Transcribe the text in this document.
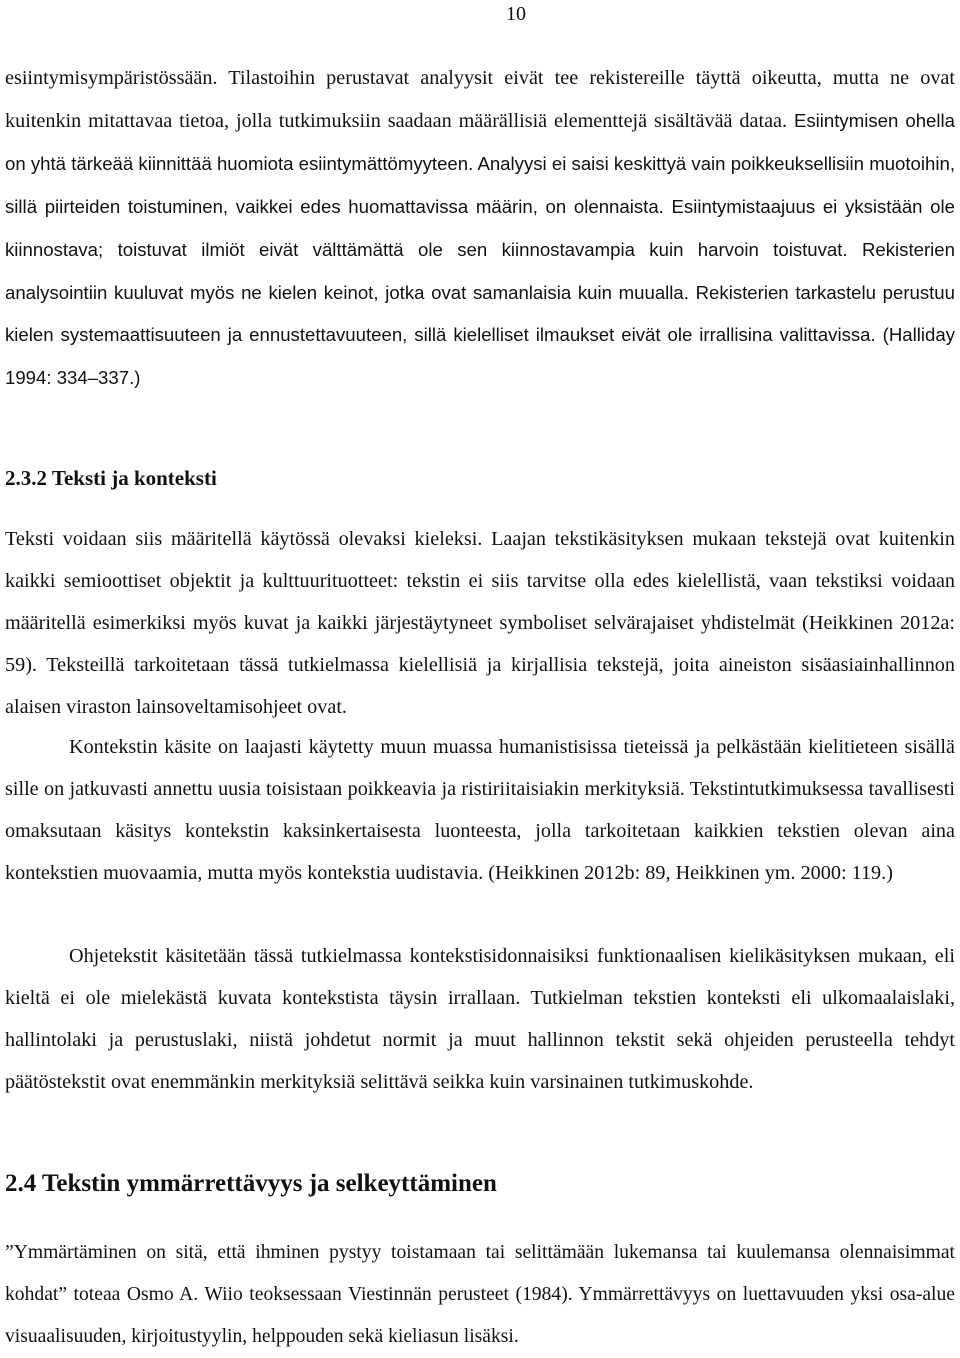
10

esiintymisympäristössään. Tilastoihin perustavat analyysit eivät tee rekistereille täyttä oikeutta, mutta ne ovat kuitenkin mitattavaa tietoa, jolla tutkimuksiin saadaan määrällisiä elementtejä sisältävää dataa. Esiintymisen ohella on yhtä tärkeää kiinnittää huomiota esiintymättömyyteen. Analyysi ei saisi keskittyä vain poikkeuksellisiin muotoihin, sillä piirteiden toistuminen, vaikkei edes huomattavissa määrin, on olennaista. Esiintymistaajuus ei yksistään ole kiinnostava; toistuvat ilmiöt eivät välttämättä ole sen kiinnostavampia kuin harvoin toistuvat. Rekisterien analysointiin kuuluvat myös ne kielen keinot, jotka ovat samanlaisia kuin muualla. Rekisterien tarkastelu perustuu kielen systemaattisuuteen ja ennustettavuuteen, sillä kielelliset ilmaukset eivät ole irrallisina valittavissa. (Halliday 1994: 334–337.)

2.3.2 Teksti ja konteksti

Teksti voidaan siis määritellä käytössä olevaksi kieleksi. Laajan tekstikäsityksen mukaan tekstejä ovat kuitenkin kaikki semioottiset objektit ja kulttuurituotteet: tekstin ei siis tarvitse olla edes kielellistä, vaan tekstiksi voidaan määritellä esimerkiksi myös kuvat ja kaikki järjestäytyneet symboliset selvärajaiset yhdistelmät (Heikkinen 2012a: 59). Teksteillä tarkoitetaan tässä tutkielmassa kielellisiä ja kirjallisia tekstejä, joita aineiston sisäasiainhallinnon alaisen viraston lainsoveltamisohjeet ovat.

Kontekstin käsite on laajasti käytetty muun muassa humanistisissa tieteissä ja pelkästään kielitieteen sisällä sille on jatkuvasti annettu uusia toisistaan poikkeavia ja ristiriitaisiakin merkityksiä. Tekstintutkimuksessa tavallisesti omaksutaan käsitys kontekstin kaksinkertaisesta luonteesta, jolla tarkoitetaan kaikkien tekstien olevan aina kontekstien muovaamia, mutta myös kontekstia uudistavia. (Heikkinen 2012b: 89, Heikkinen ym. 2000: 119.)

Ohjetekstit käsitetään tässä tutkielmassa kontekstisidonnaisiksi funktionaalisen kielikäsityksen mukaan, eli kieltä ei ole mielekästä kuvata kontekstista täysin irrallaan. Tutkielman tekstien konteksti eli ulkomaalaislaki, hallintolaki ja perustuslaki, niistä johdetut normit ja muut hallinnon tekstit sekä ohjeiden perusteella tehdyt päätöstekstit ovat enemmänkin merkityksiä selittävä seikka kuin varsinainen tutkimuskohde.

2.4 Tekstin ymmärrettävyys ja selkeyttäminen

”Ymmärtäminen on sitä, että ihminen pystyy toistamaan tai selittämään lukemansa tai kuulemansa olennaisimmat kohdat” toteaa Osmo A. Wiio teoksessaan Viestinnän perusteet (1984). Ymmärrettävyys on luettavuuden yksi osa-alue visuaalisuuden, kirjoitustyylin, helppouden sekä kieliasun lisäksi.
